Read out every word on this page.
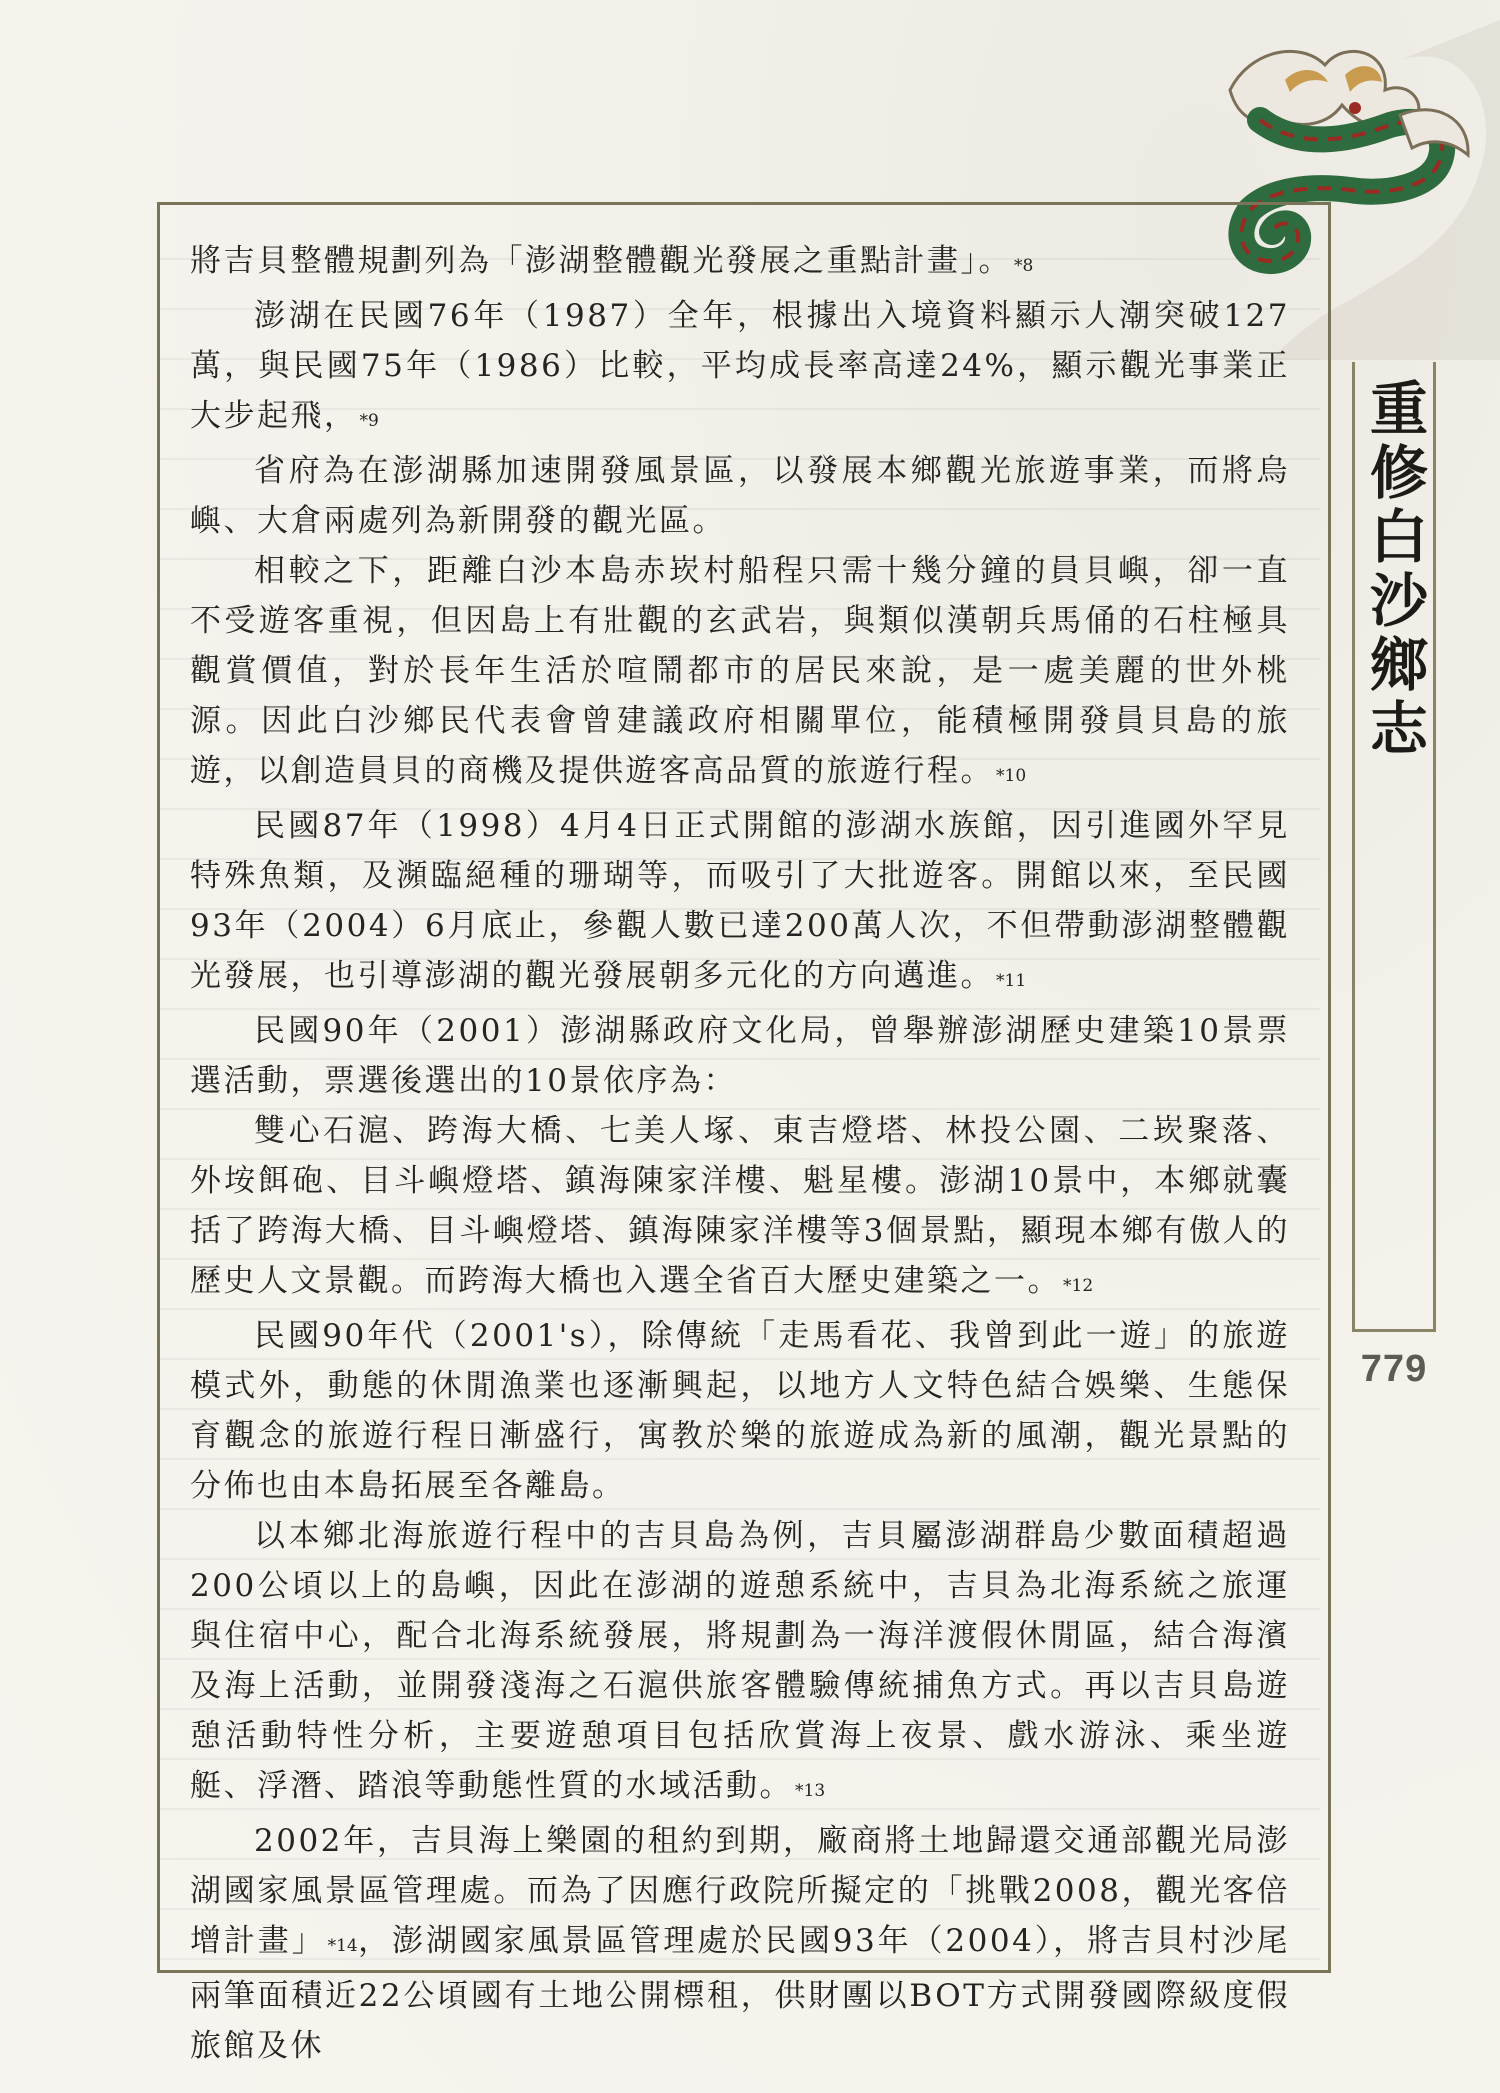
將吉貝整體規劃列為「澎湖整體觀光發展之重點計畫」。 *8

澎湖在民國76年（1987）全年，根據出入境資料顯示人潮突破127萬，與民國75年（1986）比較，平均成長率高達24%，顯示觀光事業正大步起飛， *9

省府為在澎湖縣加速開發風景區，以發展本鄉觀光旅遊事業，而將烏嶼、大倉兩處列為新開發的觀光區。

相較之下，距離白沙本島赤崁村船程只需十幾分鐘的員貝嶼，卻一直不受遊客重視，但因島上有壯觀的玄武岩，與類似漢朝兵馬俑的石柱極具觀賞價值，對於長年生活於喧鬧都市的居民來說，是一處美麗的世外桃源。因此白沙鄉民代表會曾建議政府相關單位，能積極開發員貝島的旅遊，以創造員貝的商機及提供遊客高品質的旅遊行程。 *10

民國87年（1998）4月4日正式開館的澎湖水族館，因引進國外罕見特殊魚類，及瀕臨絕種的珊瑚等，而吸引了大批遊客。開館以來，至民國93年（2004）6月底止，參觀人數已達200萬人次，不但帶動澎湖整體觀光發展，也引導澎湖的觀光發展朝多元化的方向邁進。 *11

民國90年（2001）澎湖縣政府文化局，曾舉辦澎湖歷史建築10景票選活動，票選後選出的10景依序為：

雙心石滬、跨海大橋、七美人塚、東吉燈塔、林投公園、二崁聚落、外垵餌砲、目斗嶼燈塔、鎮海陳家洋樓、魁星樓。澎湖10景中，本鄉就囊括了跨海大橋、目斗嶼燈塔、鎮海陳家洋樓等3個景點，顯現本鄉有傲人的歷史人文景觀。而跨海大橋也入選全省百大歷史建築之一。 *12

民國90年代（2001's），除傳統「走馬看花、我曾到此一遊」的旅遊模式外，動態的休閒漁業也逐漸興起，以地方人文特色結合娛樂、生態保育觀念的旅遊行程日漸盛行，寓教於樂的旅遊成為新的風潮，觀光景點的分佈也由本島拓展至各離島。

以本鄉北海旅遊行程中的吉貝島為例，吉貝屬澎湖群島少數面積超過200公頃以上的島嶼，因此在澎湖的遊憩系統中，吉貝為北海系統之旅運與住宿中心，配合北海系統發展，將規劃為一海洋渡假休閒區，結合海濱及海上活動，並開發淺海之石滬供旅客體驗傳統捕魚方式。再以吉貝島遊憩活動特性分析，主要遊憩項目包括欣賞海上夜景、戲水游泳、乘坐遊艇、浮潛、踏浪等動態性質的水域活動。 *13

2002年，吉貝海上樂園的租約到期，廠商將土地歸還交通部觀光局澎湖國家風景區管理處。而為了因應行政院所擬定的「挑戰2008，觀光客倍增計畫」 *14，澎湖國家風景區管理處於民國93年（2004），將吉貝村沙尾兩筆面積近22公頃國有土地公開標租，供財團以BOT方式開發國際級度假旅館及休

重修白沙鄉志
779
